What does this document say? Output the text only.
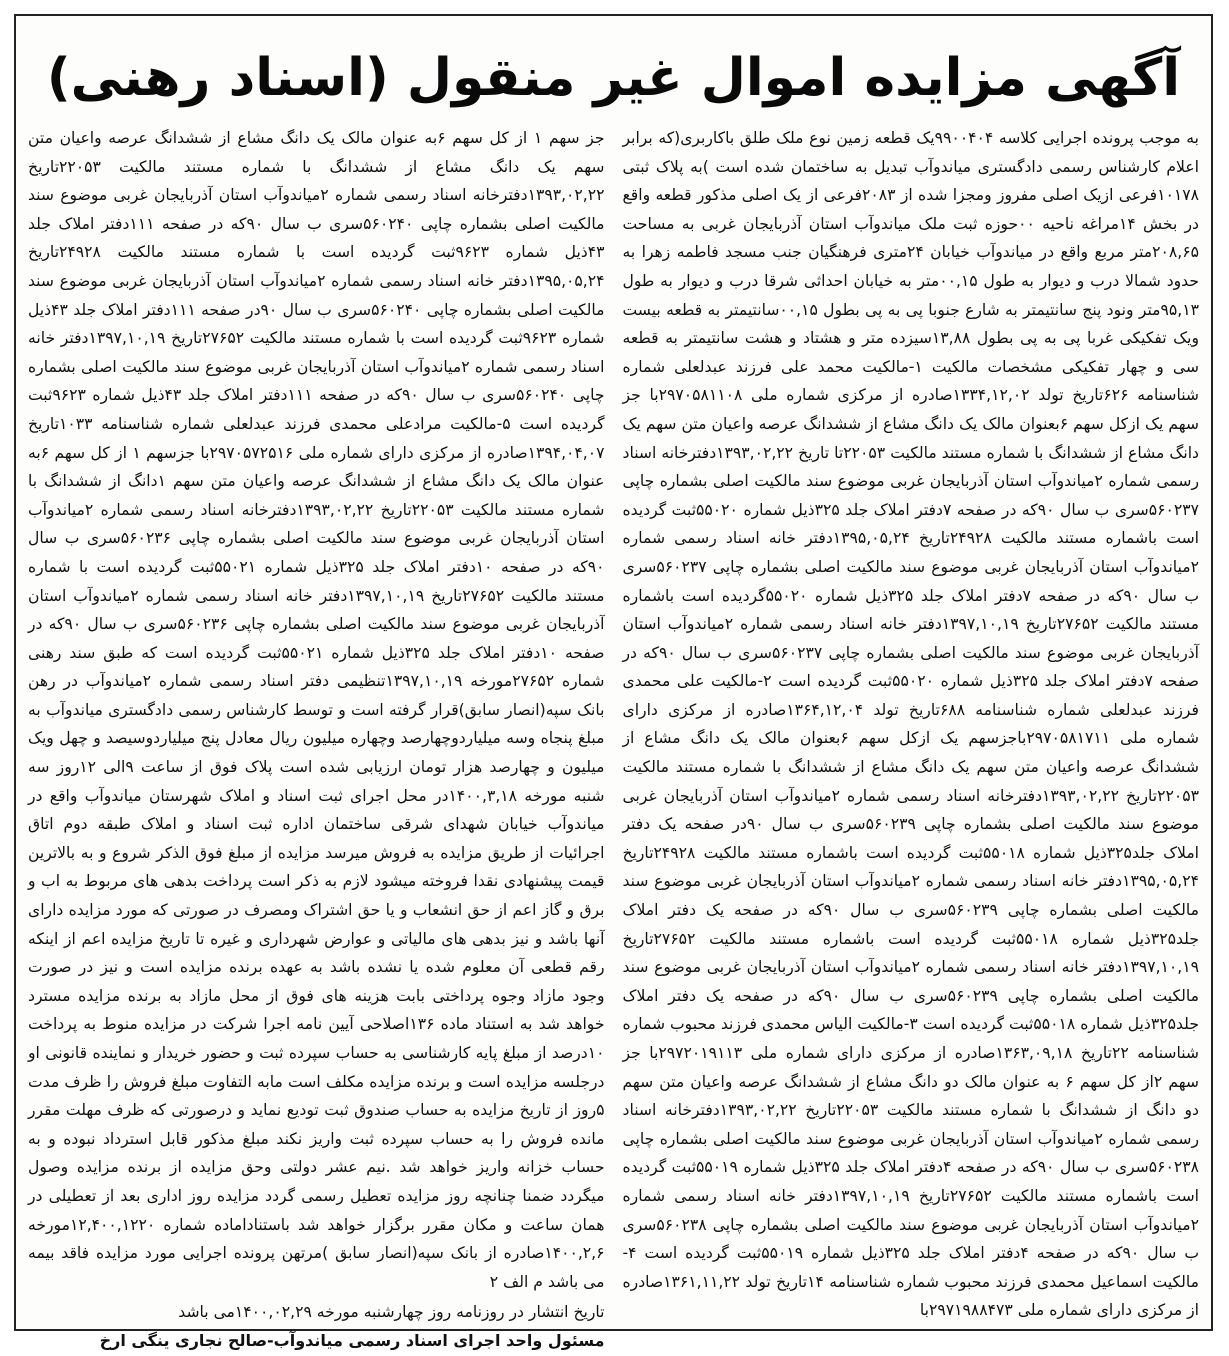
آگهی مزایده اموال غیر منقول (اسناد رهنی)

به موجب پرونده اجرایی کلاسه ۹۹۰۰۴۰۴یک قطعه زمین نوع ملک طلق باکاربری(که برابر اعلام کارشناس رسمی دادگستری میاندوآب تبدیل به ساختمان شده است )به پلاک ثبتی ۱۰۱۷۸فرعی ازیک اصلی مفروز ومجزا شده از ۲۰۸۳فرعی از یک اصلی مذکور قطعه واقع در بخش ۱۴مراغه ناحیه ۰۰حوزه ثبت ملک میاندوآب استان آذربایجان غربی به مساحت ۲۰۸,۶۵متر مربع واقع در میاندوآب خیابان ۲۴متری فرهنگیان جنب مسجد فاطمه زهرا به حدود شمالا درب و دیوار به طول ۰۰,۱۵متر به خیابان احداثی شرقا درب و دیوار به طول ۹۵,۱۳متر ونود پنج سانتیمتر به شارع جنوبا پی به پی بطول ۰۰,۱۵سانتیمتر به قطعه بیست ویک تفکیکی غربا پی به پی بطول ۱۳,۸۸سیزده متر و هشتاد و هشت سانتیمتر به قطعه سی و چهار تفکیکی مشخصات مالکیت ۱-مالکیت محمد علی فرزند عبدلعلی شماره شناسنامه ۶۲۶تاریخ تولد ۱۳۳۴,۱۲,۰۲صادره از مرکزی شماره ملی ۲۹۷۰۵۸۱۱۰۸با جز سهم یک ازکل سهم ۶بعنوان مالک یک دانگ مشاع از ششدانگ عرصه واعیان متن سهم یک دانگ مشاع از ششدانگ با شماره مستند مالکیت ۲۲۰۵۳تا تاریخ ۱۳۹۳,۰۲,۲۲دفترخانه اسناد رسمی شماره ۲میاندوآب استان آذربایجان غربی موضوع سند مالکیت اصلی بشماره چاپی ۵۶۰۲۳۷سری ب سال ۹۰که در صفحه ۷دفتر املاک جلد ۳۲۵ذیل شماره ۵۵۰۲۰ثبت گردیده است باشماره مستند مالکیت ۲۴۹۲۸تاریخ ۱۳۹۵,۰۵,۲۴دفتر خانه اسناد رسمی شماره ۲میاندوآب استان آذربایجان غربی موضوع سند مالکیت اصلی بشماره چاپی ۵۶۰۲۳۷سری ب سال ۹۰که در صفحه ۷دفتر املاک جلد ۳۲۵ذیل شماره ۵۵۰۲۰گردیده است باشماره مستند مالکیت ۲۷۶۵۲تاریخ ۱۳۹۷,۱۰,۱۹دفتر خانه اسناد رسمی شماره ۲میاندوآب استان آذربایجان غربی موضوع سند مالکیت اصلی بشماره چاپی ۵۶۰۲۳۷سری ب سال ۹۰که در صفحه ۷دفتر املاک جلد ۳۲۵ذیل شماره ۵۵۰۲۰ثبت گردیده است ۲-مالکیت علی محمدی فرزند عبدلعلی شماره شناسنامه ۶۸۸تاریخ تولد ۱۳۶۴,۱۲,۰۴صادره از مرکزی دارای شماره ملی ۲۹۷۰۵۸۱۷۱۱باجزسهم یک ازکل سهم ۶بعنوان مالک یک دانگ مشاع از ششدانگ عرصه واعیان متن سهم یک دانگ مشاع از ششدانگ با شماره مستند مالکیت ۲۲۰۵۳تاریخ ۱۳۹۳,۰۲,۲۲دفترخانه اسناد رسمی شماره ۲میاندوآب استان آذربایجان غربی موضوع سند مالکیت اصلی بشماره چاپی ۵۶۰۲۳۹سری ب سال ۹۰در صفحه یک دفتر املاک جلد۳۲۵ذیل شماره ۵۵۰۱۸ثبت گردیده است باشماره مستند مالکیت ۲۴۹۲۸تاریخ ۱۳۹۵,۰۵,۲۴دفتر خانه اسناد رسمی شماره ۲میاندوآب استان آذربایجان غربی موضوع سند مالکیت اصلی بشماره چاپی ۵۶۰۲۳۹سری ب سال ۹۰که در صفحه یک دفتر املاک جلد۳۲۵ذیل شماره ۵۵۰۱۸ثبت گردیده است باشماره مستند مالکیت ۲۷۶۵۲تاریخ ۱۳۹۷,۱۰,۱۹دفتر خانه اسناد رسمی شماره ۲میاندوآب استان آذربایجان غربی موضوع سند مالکیت اصلی بشماره چاپی ۵۶۰۲۳۹سری ب سال ۹۰که در صفحه یک دفتر املاک جلد۳۲۵ذیل شماره ۵۵۰۱۸ثبت گردیده است ۳-مالکیت الیاس محمدی فرزند محبوب شماره شناسنامه ۲۲تاریخ ۱۳۶۳,۰۹,۱۸صادره از مرکزی دارای شماره ملی ۲۹۷۲۰۱۹۱۱۳با جز سهم ۲از کل سهم ۶ به عنوان مالک دو دانگ مشاع از ششدانگ عرصه واعیان متن سهم دو دانگ از ششدانگ با شماره مستند مالکیت ۲۲۰۵۳تاریخ ۱۳۹۳,۰۲,۲۲دفترخانه اسناد رسمی شماره ۲میاندوآب استان آذربایجان غربی موضوع سند مالکیت اصلی بشماره چاپی ۵۶۰۲۳۸سری ب سال ۹۰که در صفحه ۴دفتر املاک جلد ۳۲۵ذیل شماره ۵۵۰۱۹ثبت گردیده است باشماره مستند مالکیت ۲۷۶۵۲تاریخ ۱۳۹۷,۱۰,۱۹دفتر خانه اسناد رسمی شماره ۲میاندوآب استان آذربایجان غربی موضوع سند مالکیت اصلی بشماره چاپی ۵۶۰۲۳۸سری ب سال ۹۰که در صفحه ۴دفتر املاک جلد ۳۲۵ذیل شماره ۵۵۰۱۹ثبت گردیده است ۴-مالکیت اسماعیل محمدی فرزند محبوب شماره شناسنامه ۱۴تاریخ تولد ۱۳۶۱,۱۱,۲۲صادره از مرکزی دارای شماره ملی ۲۹۷۱۹۸۸۴۷۳با

جز سهم ۱ از کل سهم ۶به عنوان مالک یک دانگ مشاع از ششدانگ عرصه واعیان متن سهم یک دانگ مشاع از ششدانگ با شماره مستند مالکیت ۲۲۰۵۳تاریخ ۱۳۹۳,۰۲,۲۲دفترخانه اسناد رسمی شماره ۲میاندوآب استان آذربایجان غربی موضوع سند مالکیت اصلی بشماره چاپی ۵۶۰۲۴۰سری ب سال ۹۰که در صفحه ۱۱۱دفتر املاک جلد ۴۳ذیل شماره ۹۶۲۳ثبت گردیده است با شماره مستند مالکیت ۲۴۹۲۸تاریخ ۱۳۹۵,۰۵,۲۴دفتر خانه اسناد رسمی شماره ۲میاندوآب استان آذربایجان غربی موضوع سند مالکیت اصلی بشماره چاپی ۵۶۰۲۴۰سری ب سال ۹۰در صفحه ۱۱۱دفتر املاک جلد ۴۳ذیل شماره ۹۶۲۳ثبت گردیده است با شماره مستند مالکیت ۲۷۶۵۲تاریخ ۱۳۹۷,۱۰,۱۹دفتر خانه اسناد رسمی شماره ۲میاندوآب استان آذربایجان غربی موضوع سند مالکیت اصلی بشماره چاپی ۵۶۰۲۴۰سری ب سال ۹۰که در صفحه ۱۱۱دفتر املاک جلد ۴۳ذیل شماره ۹۶۲۳ثبت گردیده است ۵-مالکیت مرادعلی محمدی فرزند عبدلعلی شماره شناسنامه ۱۰۳۳تاریخ ۱۳۹۴,۰۴,۰۷صادره از مرکزی دارای شماره ملی ۲۹۷۰۵۷۲۵۱۶با جزسهم ۱ از کل سهم ۶به عنوان مالک یک دانگ مشاع از ششدانگ عرصه واعیان متن سهم ۱دانگ از ششدانگ با شماره مستند مالکیت ۲۲۰۵۳تاریخ ۱۳۹۳,۰۲,۲۲دفترخانه اسناد رسمی شماره ۲میاندوآب استان آذربایجان غربی موضوع سند مالکیت اصلی بشماره چاپی ۵۶۰۲۳۶سری ب سال ۹۰که در صفحه ۱۰دفتر املاک جلد ۳۲۵ذیل شماره ۵۵۰۲۱ثبت گردیده است با شماره مستند مالکیت ۲۷۶۵۲تاریخ ۱۳۹۷,۱۰,۱۹دفتر خانه اسناد رسمی شماره ۲میاندوآب استان آذربایجان غربی موضوع سند مالکیت اصلی بشماره چاپی ۵۶۰۲۳۶سری ب سال ۹۰که در صفحه ۱۰دفتر املاک جلد ۳۲۵ذیل شماره ۵۵۰۲۱ثبت گردیده است که طبق سند رهنی شماره ۲۷۶۵۲مورخه ۱۳۹۷,۱۰,۱۹تنظیمی دفتر اسناد رسمی شماره ۲میاندوآب در رهن بانک سپه(انصار سابق)قرار گرفته است و توسط کارشناس رسمی دادگستری میاندوآب به مبلغ پنجاه وسه میلیاردوچهارصد وچهاره میلیون ریال معادل پنج میلیاردوسیصد و چهل ویک میلیون و چهارصد هزار تومان ارزیابی شده است پلاک فوق از ساعت ۹الی ۱۲روز سه شنبه مورخه ۱۴۰۰,۳,۱۸در محل اجرای ثبت اسناد و املاک شهرستان میاندوآب واقع در میاندوآب خیابان شهدای شرقی ساختمان اداره ثبت اسناد و املاک طبقه دوم اتاق اجرائیات از طریق مزایده به فروش میرسد مزایده از مبلغ فوق الذکر شروع و به بالاترین قیمت پیشنهادی نقدا فروخته میشود لازم به ذکر است پرداخت بدهی های مربوط به اب و برق و گاز اعم از حق انشعاب و یا حق اشتراک ومصرف در صورتی که مورد مزایده دارای آنها باشد و نیز بدهی های مالیاتی و عوارض شهرداری و غیره تا تاریخ مزایده اعم از اینکه رقم قطعی آن معلوم شده یا نشده باشد به عهده برنده مزایده است و نیز در صورت وجود مازاد وجوه پرداختی بابت هزینه های فوق از محل مازاد به برنده مزایده مسترد خواهد شد به استناد ماده ۱۳۶اصلاحی آیین نامه اجرا شرکت در مزایده منوط به پرداخت ۱۰درصد از مبلغ پایه کارشناسی به حساب سپرده ثبت و حضور خریدار و نماینده قانونی او درجلسه مزایده است و برنده مزایده مکلف است مابه التفاوت مبلغ فروش را ظرف مدت ۵روز از تاریخ مزایده به حساب صندوق ثبت تودیع نماید و درصورتی که ظرف مهلت مقرر مانده فروش را به حساب سپرده ثبت واریز نکند مبلغ مذکور قابل استرداد نبوده و به حساب خزانه واریز خواهد شد .نیم عشر دولتی وحق مزایده از برنده مزایده وصول میگردد ضمنا چنانچه روز مزایده تعطیل رسمی گردد مزایده روز اداری بعد از تعطیلی در همان ساعت و مکان مقرر برگزار خواهد شد باستناداماده شماره ۱۲,۴۰۰,۱۲۲۰مورخه ۱۴۰۰,۲,۶صادره از بانک سپه(انصار سابق )مرتهن پرونده اجرایی مورد مزایده فاقد بیمه می باشد م الف ۲

تاریخ انتشار در روزنامه روز چهارشنبه مورخه ۱۴۰۰,۰۲,۲۹می باشد

مسئول واحد اجرای اسناد رسمی میاندوآب-صالح نجاری ینگی ارخ
